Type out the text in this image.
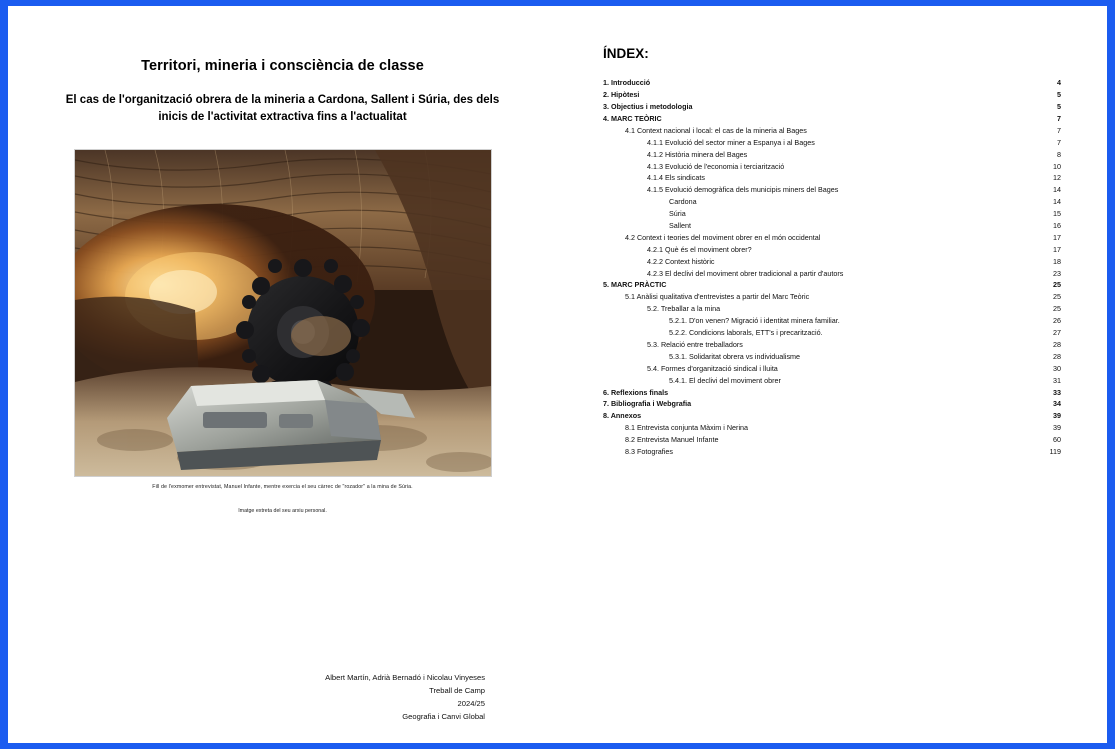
Territori, mineria i consciència de classe
El cas de l'organització obrera de la mineria a Cardona, Sallent i Súria, des dels inicis de l'activitat extractiva fins a l'actualitat
Fill de l'exmomer entrevistat, Manuel Infante, mentre exercia el seu càrrec de "rozador" a la mina de Súria.
Imatge extreta del seu arxiu personal.
Albert Martín, Adrià Bernadó i Nicolau Vinyeses
Treball de Camp
2024/25
Geografia i Canvi Global
ÍNDEX:
1. Introducció	4
2. Hipòtesi	5
3. Objectius i metodologia	5
4. MARC TEÒRIC	7
4.1 Context nacional i local: el cas de la mineria al Bages	7
4.1.1 Evolució del sector miner a Espanya i al Bages	7
4.1.2 Història minera del Bages	8
4.1.3 Evolució de l'economia i terciarització	10
4.1.4 Els sindicats	12
4.1.5 Evolució demogràfica dels municipis miners del Bages	14
Cardona	14
Súria	15
Sallent	16
4.2 Context i teories del moviment obrer en el món occidental	17
4.2.1 Què és el moviment obrer?	17
4.2.2 Context històric	18
4.2.3 El declivi del moviment obrer tradicional a partir d'autors	23
5. MARC PRÀCTIC	25
5.1 Anàlisi qualitativa d'entrevistes a partir del Marc Teòric	25
5.2. Treballar a la mina	25
5.2.1. D'on venen? Migració i identitat minera familiar.	26
5.2.2. Condicions laborals, ETT's i precarització.	27
5.3. Relació entre treballadors	28
5.3.1. Solidaritat obrera vs individualisme	28
5.4. Formes d'organització sindical i lluita	30
5.4.1. El declivi del moviment obrer	31
6. Reflexions finals	33
7. Bibliografia i Webgrafia	34
8. Annexos	39
8.1 Entrevista conjunta Màxim i Nerina	39
8.2 Entrevista Manuel Infante	60
8.3 Fotografies	119
